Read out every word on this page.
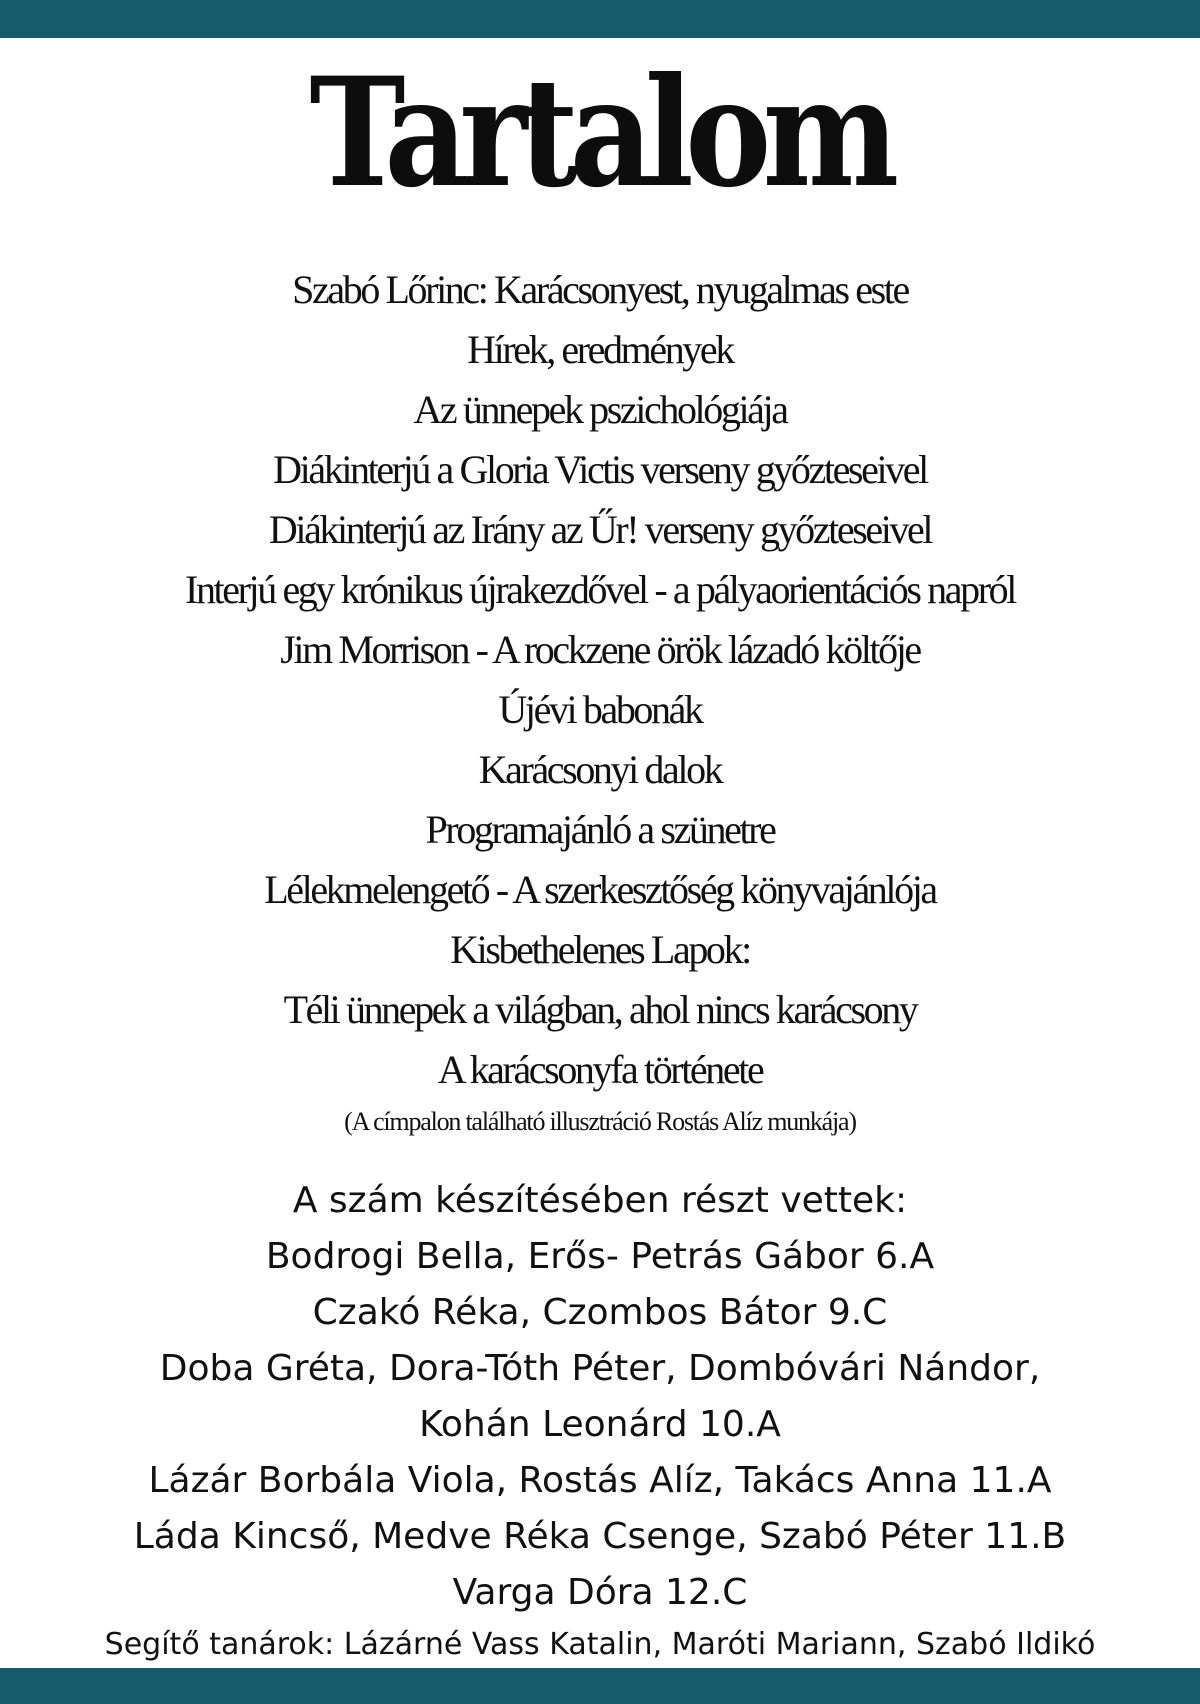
Tartalom
Szabó Lőrinc: Karácsonyest, nyugalmas este
Hírek, eredmények
Az ünnepek pszichológiája
Diákinterjú a Gloria Victis verseny győzteseivel
Diákinterjú az Irány az Űr! verseny győzteseivel
Interjú egy krónikus újrakezdővel - a pályaorientációs napról
Jim Morrison - A rockzene örök lázadó költője
Újévi babonák
Karácsonyi dalok
Programajánló a szünetre
Lélekmelengető - A szerkesztőség könyvajánlója
Kisbethelenes Lapok:
Téli ünnepek a világban, ahol nincs karácsony
A karácsonyfa története
(A címpalon található illusztráció Rostás Alíz munkája)
A szám készítésében részt vettek:
Bodrogi Bella, Erős- Petrás Gábor 6.A
Czakó Réka, Czombos Bátor 9.C
Doba Gréta, Dora-Tóth Péter, Dombóvári Nándor,
Kohán Leonárd 10.A
Lázár Borbála Viola, Rostás Alíz, Takács Anna 11.A
Láda Kincső, Medve Réka Csenge, Szabó Péter 11.B
Varga Dóra 12.C
Segítő tanárok: Lázárné Vass Katalin, Maróti Mariann, Szabó Ildikó
